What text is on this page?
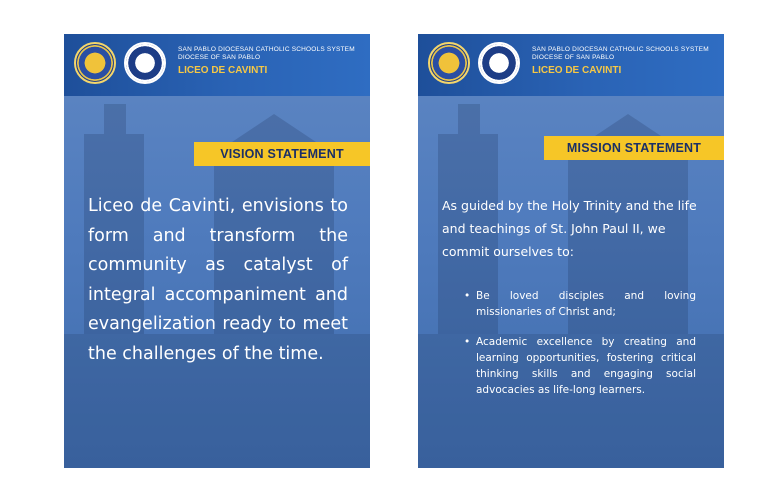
SAN PABLO DIOCESAN CATHOLIC SCHOOLS SYSTEM
DIOCESE OF SAN PABLO
LICEO DE CAVINTI
VISION STATEMENT
Liceo de Cavinti, envisions to form and transform the community as catalyst of integral accompaniment and evangelization ready to meet the challenges of the time.
SAN PABLO DIOCESAN CATHOLIC SCHOOLS SYSTEM
DIOCESE OF SAN PABLO
LICEO DE CAVINTI
MISSION STATEMENT
As guided by the Holy Trinity and the life and teachings of St. John Paul II, we commit ourselves to:
• Be loved disciples and loving missionaries of Christ and;
• Academic excellence by creating and learning opportunities, fostering critical thinking skills and engaging social advocacies as life-long learners.
